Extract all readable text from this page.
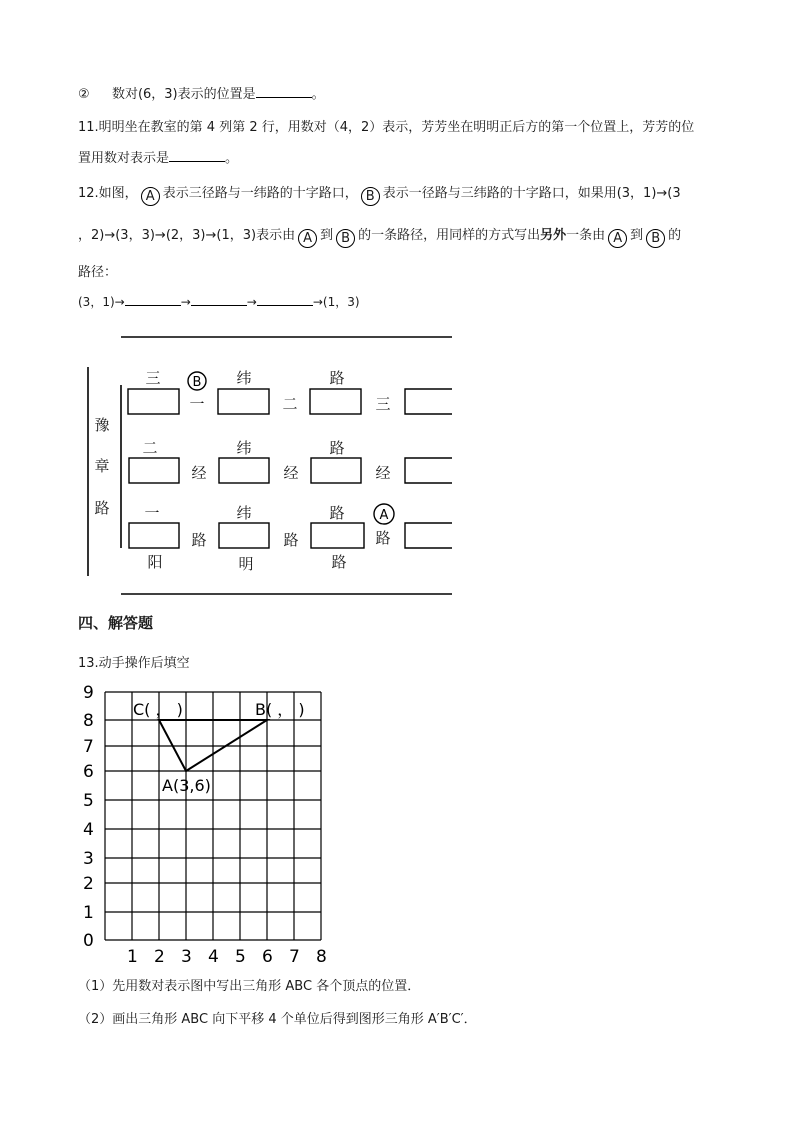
② 数对(6，3)表示的位置是	。
11.明明坐在教室的第 4 列第 2 行，用数对（4，2）表示，芳芳坐在明明正后方的第一个位置上，芳芳的位
置用数对表示是	。
12.如图， A 表示三径路与一纬路的十字路口， B 表示一径路与三纬路的十字路口，如果用(3，1)→(3
，2)→(3，3)→(2，3)→(1，3)表示由 A 到 B 的一条路径，用同样的方式写出另外一条由 A 到 B 的
路径：
(3，1)→	→	→	→(1，3)
豫
章
路
三	纬	路
二	纬	路
一	纬	路
阳	明	路
一	二	三
经	经	经
路	路	路
B
A
四、解答题
13.动手操作后填空
1 2 3 4 5 6 7 8
0
1
2
3
4
5
6
7
8
9
A(3,6)
B( ， )
C( ， )
（1）先用数对表示图中写出三角形 ABC 各个顶点的位置．
（2）画出三角形 ABC 向下平移 4 个单位后得到图形三角形 A′B′C′．
